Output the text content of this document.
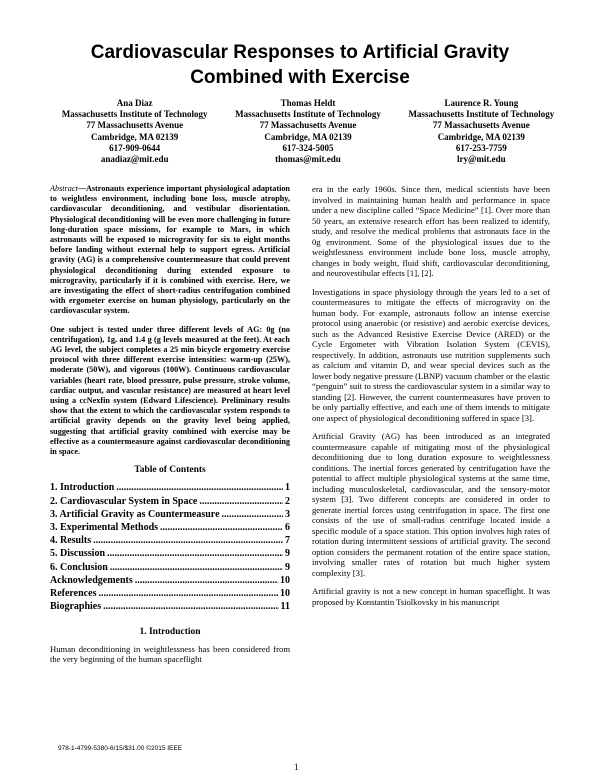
Cardiovascular Responses to Artificial Gravity
Combined with Exercise
Ana Diaz
Massachusetts Institute of Technology
77 Massachusetts Avenue
Cambridge, MA 02139
617-909-0644
anadiaz@mit.edu
Thomas Heldt
Massachusetts Institute of Technology
77 Massachusetts Avenue
Cambridge, MA 02139
617-324-5005
thomas@mit.edu
Laurence R. Young
Massachusetts Institute of Technology
77 Massachusetts Avenue
Cambridge, MA 02139
617-253-7759
lry@mit.edu

Abstract—Astronauts experience important physiological adaptation to weightless environment, including bone loss, muscle atrophy, cardiovascular deconditioning, and vestibular disorientation. Physiological deconditioning will be even more challenging in future long-duration space missions, for example to Mars, in which astronauts will be exposed to microgravity for six to eight months before landing without external help to support egress. Artificial gravity (AG) is a comprehensive countermeasure that could prevent physiological deconditioning during extended exposure to microgravity, particularly if it is combined with exercise. Here, we are investigating the effect of short-radius centrifugation combined with ergometer exercise on human physiology, particularly on the cardiovascular system.

One subject is tested under three different levels of AG: 0g (no centrifugation), 1g, and 1.4 g (g levels measured at the feet). At each AG level, the subject completes a 25 min bicycle ergometry exercise protocol with three different exercise intensities: warm-up (25W), moderate (50W), and vigorous (100W). Continuous cardiovascular variables (heart rate, blood pressure, pulse pressure, stroke volume, cardiac output, and vascular resistance) are measured at heart level using a ccNexfin system (Edward Lifescience). Preliminary results show that the extent to which the cardiovascular system responds to artificial gravity depends on the gravity level being applied, suggesting that artificial gravity combined with exercise may be effective as a countermeasure against cardiovascular deconditioning in space.

Table of Contents
1. Introduction .....	1
2. Cardiovascular System in Space .....	2
3. Artificial Gravity as Countermeasure .....	3
3. Experimental Methods .....	6
4. Results .....	7
5. Discussion .....	9
6. Conclusion .....	9
Acknowledgements .....	10
References .....	10
Biographies .....	11
1. Introduction

Human deconditioning in weightlessness has been considered from the very beginning of the human spaceflight

era in the early 1960s. Since then, medical scientists have been involved in maintaining human health and performance in space under a new discipline called “Space Medicine” [1]. Over more than 50 years, an extensive research effort has been realized to identify, study, and resolve the medical problems that astronauts face in the 0g environment. Some of the physiological issues due to the weightlessness environment include bone loss, muscle atrophy, changes in body weight, fluid shift, cardiovascular deconditioning, and neurovestibular effects [1], [2].

Investigations in space physiology through the years led to a set of countermeasures to mitigate the effects of microgravity on the human body. For example, astronauts follow an intense exercise protocol using anaerobic (or resistive) and aerobic exercise devices, such as the Advanced Resistive Exercise Device (ARED) or the Cycle Ergometer with Vibration Isolation System (CEVIS), respectively. In addition, astronauts use nutrition supplements such as calcium and vitamin D, and wear special devices such as the lower body negative pressure (LBNP) vacuum chamber or the elastic “penguin” suit to stress the cardiovascular system in a similar way to standing [2]. However, the current countermeasures have proven to be only partially effective, and each one of them intends to mitigate one aspect of physiological deconditioning suffered in space [3].

Artificial Gravity (AG) has been introduced as an integrated countermeasure capable of mitigating most of the physiological deconditioning due to long duration exposure to weightlessness conditions. The inertial forces generated by centrifugation have the potential to affect multiple physiological systems at the same time, including musculoskeletal, cardiovascular, and the sensory-motor system [3]. Two different concepts are considered in order to generate inertial forces using centrifugation in space. The first one consists of the use of small-radius centrifuge located inside a specific module of a space station. This option involves high rates of rotation during intermittent sessions of artificial gravity. The second option considers the permanent rotation of the entire space station, involving smaller rates of rotation but much higher system complexity [3].

Artificial gravity is not a new concept in human spaceflight. It was proposed by Konstantin Tsiolkovsky in his manuscript

978-1-4799-5380-6/15/$31.00 ©2015 IEEE
1
